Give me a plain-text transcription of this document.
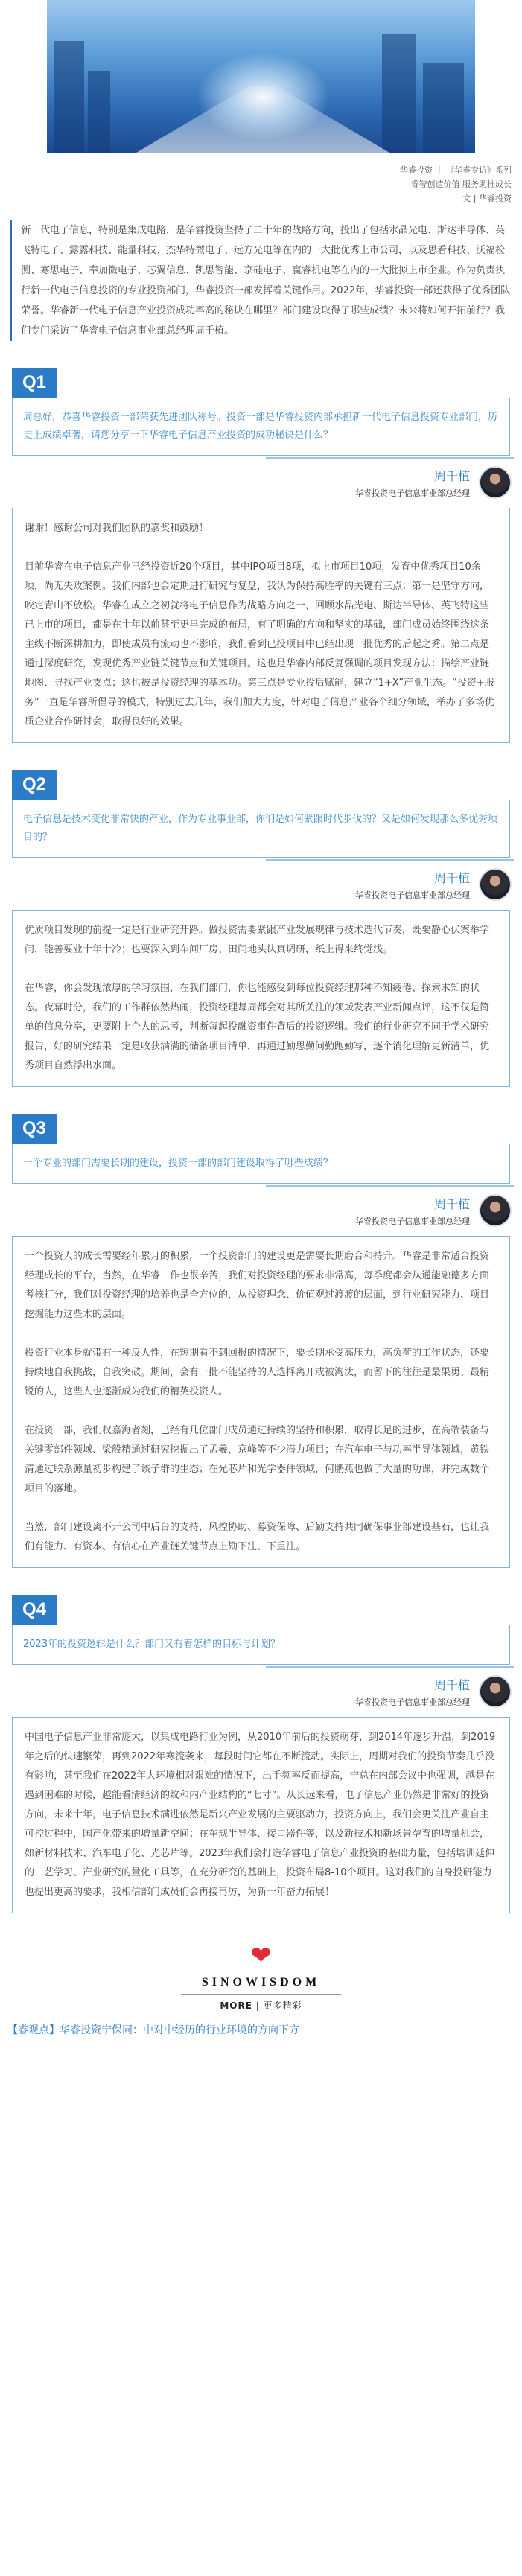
华睿投资 ｜ 《华睿专访》系列
睿智创造价值 服务助推成长
文 | 华睿投资
新一代电子信息，特别是集成电路，是华睿投资坚持了二十年的战略方向，投出了包括水晶光电、斯达半导体、英飞特电子、露露科技、能量科技、杰华特微电子、远方光电等在内的一大批优秀上市公司，以及思看科技、沃福检测、寒思电子、奉加微电子、芯翼信息、凯思智能、京硅电子、赢睿机电等在内的一大批拟上市企业。作为负责执行新一代电子信息投资的专业投资部门，华睿投资一部发挥着关键作用。2022年，华睿投资一部还获得了优秀团队荣誉。华睿新一代电子信息产业投资成功率高的秘诀在哪里？部门建设取得了哪些成绩？未来将如何开拓前行？我们专门采访了华睿电子信息事业部总经理周千植。
Q1
周总好，恭喜华睿投资一部荣获先进团队称号。投资一部是华睿投资内部承担新一代电子信息投资专业部门，历史上成绩卓著，请您分享一下华睿电子信息产业投资的成功秘诀是什么？
周千植
华睿投资电子信息事业部总经理

谢谢！感谢公司对我们团队的嘉奖和鼓励！

目前华睿在电子信息产业已经投资近20个项目，其中IPO项目8项，拟上市项目10项，发育中优秀项目10余项，尚无失败案例。我们内部也会定期进行研究与复盘，我认为保持高胜率的关键有三点：第一是坚守方向，咬定青山不放松。华睿在成立之初就将电子信息作为战略方向之一，回顾水晶光电、斯达半导体、英飞特这些已上市的项目，都是在十年以前甚至更早完成的布局，有了明确的方向和坚实的基础，部门成员始终围绕这条主线不断深耕加力，即使成员有流动也不影响，我们看到已投项目中已经出现一批优秀的后起之秀。第二点是通过深度研究，发现优秀产业链关键节点和关键项目。这也是华睿内部反复强调的项目发现方法：描绘产业链地图、寻找产业支点；这也被是投资经理的基本功。第三点是专业投后赋能，建立“1+X”产业生态。“投资+服务”一直是华睿所倡导的模式，特别过去几年，我们加大力度，针对电子信息产业各个细分领域，举办了多场优质企业合作研讨会，取得良好的效果。

Q2
电子信息是技术变化非常快的产业，作为专业事业部，你们是如何紧跟时代步伐的？又是如何发现那么多优秀项目的？
周千植
华睿投资电子信息事业部总经理

优质项目发现的前提一定是行业研究开路。做投资需要紧跟产业发展规律与技术迭代节奏，既要静心伏案举学问，能善要业十年十冷；也要深入到车间厂房、田间地头认真调研，纸上得来终觉浅。

在华睿，你会发现浓厚的学习氛围，在我们部门，你也能感受到每位投资经理那种不知疲倦、探索求知的状态。夜幕时分，我们的工作群依然热闹，投资经理每周都会对其所关注的领域发表产业新闻点评，这不仅是简单的信息分享，更要附上个人的思考，判断每起投融资事件背后的投资逻辑。我们的行业研究不同于学术研究报告，好的研究结果一定是收获满满的储备项目清单，再通过勤思勤问勤跑勤写，逐个消化理解更新清单，优秀项目自然浮出水面。

Q3
一个专业的部门需要长期的建设，投资一部的部门建设取得了哪些成绩？
周千植
华睿投资电子信息事业部总经理

一个投资人的成长需要经年累月的积累，一个投资部门的建设更是需要长期磨合和持升。华睿是非常适合投资经理成长的平台，当然，在华睿工作也很辛苦，我们对投资经理的要求非常高，每季度都会从通能融德多方面考核打分，我们对投资经理的培养也是全方位的，从投资理念、价值观过渡渡的层面，到行业研究能力、项目挖掘能力这些术的层面。

投资行业本身就带有一种反人性，在短期看不到回报的情况下，要长期承受高压力，高负荷的工作状态，还要持续地自我挑战，自我突破。期间，会有一批不能坚持的人选择离开或被淘汰，而留下的往往是最果勇、最精锐的人，这些人也逐渐成为我们的精英投资人。

在投资一部，我们权嘉海者刻，已经有几位部门成员通过持续的坚持和积累，取得长足的进步，在高端装备与关键零部件领域、梁般精通过研究挖掘出了孟羲，京峰等不少潜力项目；在汽车电子与功率半导体领域，黄铁清通过联系源量初步构建了该子群的生态；在光芯片和光学器件领域，何鹏燕也做了大量的功课，并完成数个项目的落地。

当然，部门建设离不开公司中后台的支持，风控协助、募资保障、后勤支持共同确保事业部建设基石，也让我们有能力、有资本、有信心在产业链关键节点上勘下注、下重注。

Q4
2023年的投资逻辑是什么？部门又有着怎样的目标与计划？
周千植
华睿投资电子信息事业部总经理

中国电子信息产业非常庞大，以集成电路行业为例，从2010年前后的投资萌芽，到2014年逐步升温，到2019年之后的快速繁荣，再到2022年寒流袭来，每段时间它都在不断流动。实际上，周期对我们的投资节奏几乎没有影响，甚至我们在2022年大环境相对艰难的情况下，出手频率反而提高，宁总在内部会议中也强调，越是在遇到困难的时候，越能看清经济的纹和内产业结构的“七寸”。从长远来看，电子信息产业仍然是非常好的投资方向，未来十年，电子信息技术满进依然是新兴产业发展的主要驱动力，投资方向上，我们会更关注产业自主可控过程中，国产化带来的增量新空间；在车规半导体、接口器件等，以及新技术和新场景孕育的增量机会，如新材料技术、汽车电子化、光芯片等。2023年我们会打造华睿电子信息产业投资的基础力量，包括培训延伸的工艺学习、产业研究的量化工具等，在充分研究的基础上，投资布局8-10个项目。这对我们的自身投研能力也提出更高的要求，我相信部门成员们会再接再厉，为新一年奋力拓展！

❤
SINOWISDOM
MORE | 更多精彩
【睿观点】华睿投资宁保同：中对中经历的行业环境的方向下方
